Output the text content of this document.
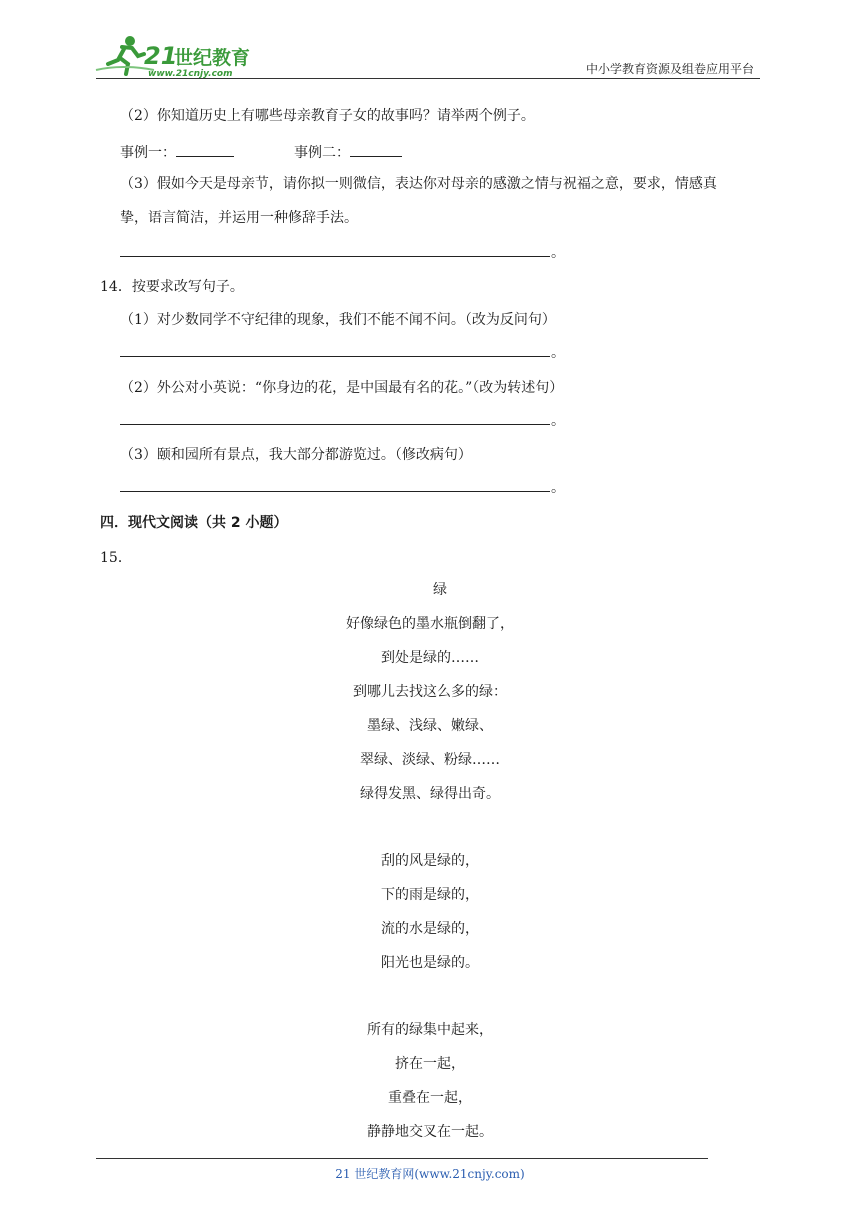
21
世纪教育
www.21cnjy.com	中小学教育资源及组卷应用平台
（2）你知道历史上有哪些母亲教育子女的故事吗？请举两个例子。
事例一：	事例二：
（3）假如今天是母亲节，请你拟一则微信，表达你对母亲的感激之情与祝福之意，要求，情感真
挚，语言简洁，并运用一种修辞手法。
。
14．按要求改写句子。
（1）对少数同学不守纪律的现象，我们不能不闻不问。（改为反问句）
。
（2）外公对小英说：“你身边的花，是中国最有名的花。”（改为转述句）
。
（3）颐和园所有景点，我大部分都游览过。（修改病句）
。
四．现代文阅读（共 2 小题）
15．
绿
好像绿色的墨水瓶倒翻了，
到处是绿的……
到哪儿去找这么多的绿：
墨绿、浅绿、嫩绿、
翠绿、淡绿、粉绿……
绿得发黑、绿得出奇。
刮的风是绿的，
下的雨是绿的，
流的水是绿的，
阳光也是绿的。
所有的绿集中起来，
挤在一起，
重叠在一起，
静静地交叉在一起。
21 世纪教育网(www.21cnjy.com)
